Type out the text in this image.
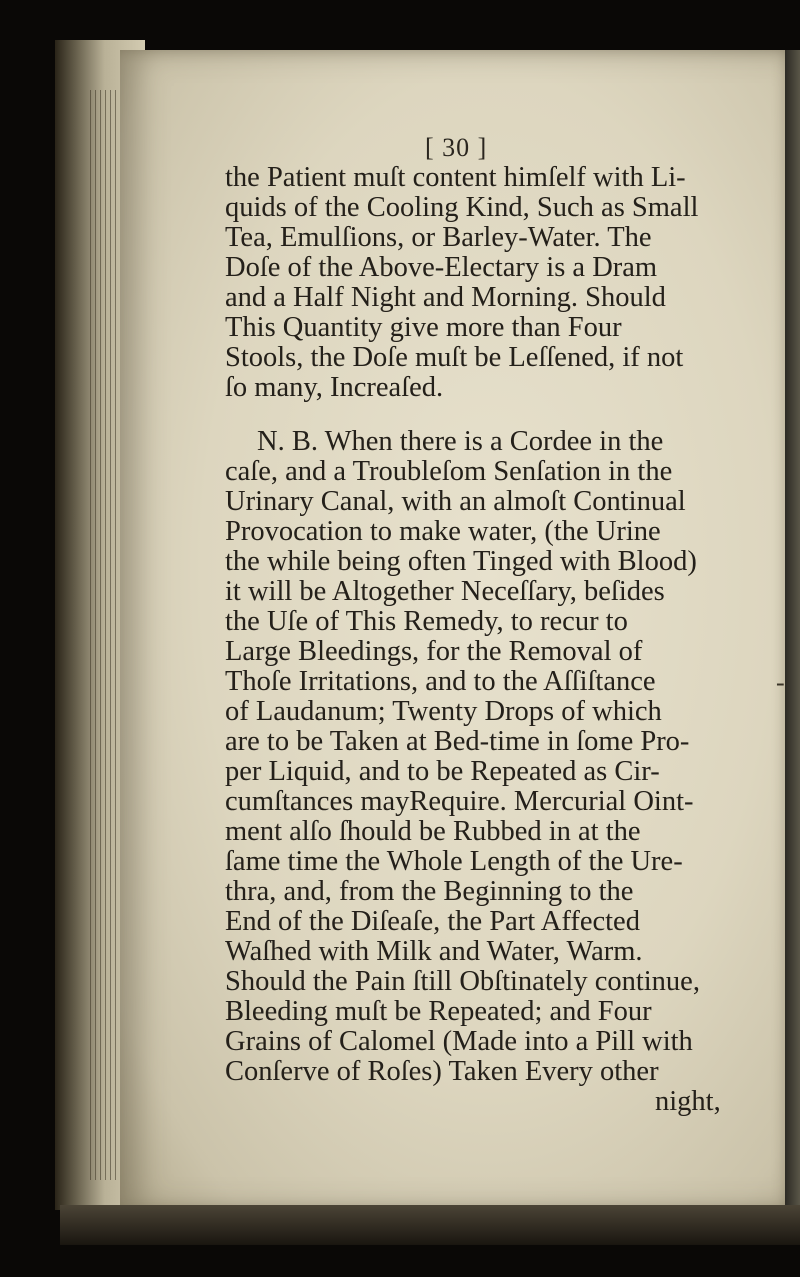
[ 30 ]
the Patient muſt content himſelf with Li-
quids of the Cooling Kind, Such as Small
Tea, Emulſions, or Barley-Water. The
Doſe of the Above-Electary is a Dram
and a Half Night and Morning. Should
This Quantity give more than Four
Stools, the Doſe muſt be Leſſened, if not
ſo many, Increaſed.
N. B. When there is a Cordee in the
caſe, and a Troubleſom Senſation in the
Urinary Canal, with an almoſt Continual
Provocation to make water, (the Urine
the while being often Tinged with Blood)
it will be Altogether Neceſſary, beſides
the Uſe of This Remedy, to recur to
Large Bleedings, for the Removal of
Thoſe Irritations, and to the Aſſiſtance
of Laudanum; Twenty Drops of which
are to be Taken at Bed-time in ſome Pro-
per Liquid, and to be Repeated as Cir-
cumſtances mayRequire. Mercurial Oint-
ment alſo ſhould be Rubbed in at the
ſame time the Whole Length of the Ure-
thra, and, from the Beginning to the
End of the Diſeaſe, the Part Affected
Waſhed with Milk and Water, Warm.
Should the Pain ſtill Obſtinately continue,
Bleeding muſt be Repeated; and Four
Grains of Calomel (Made into a Pill with
Conſerve of Roſes) Taken Every other
night,
-
